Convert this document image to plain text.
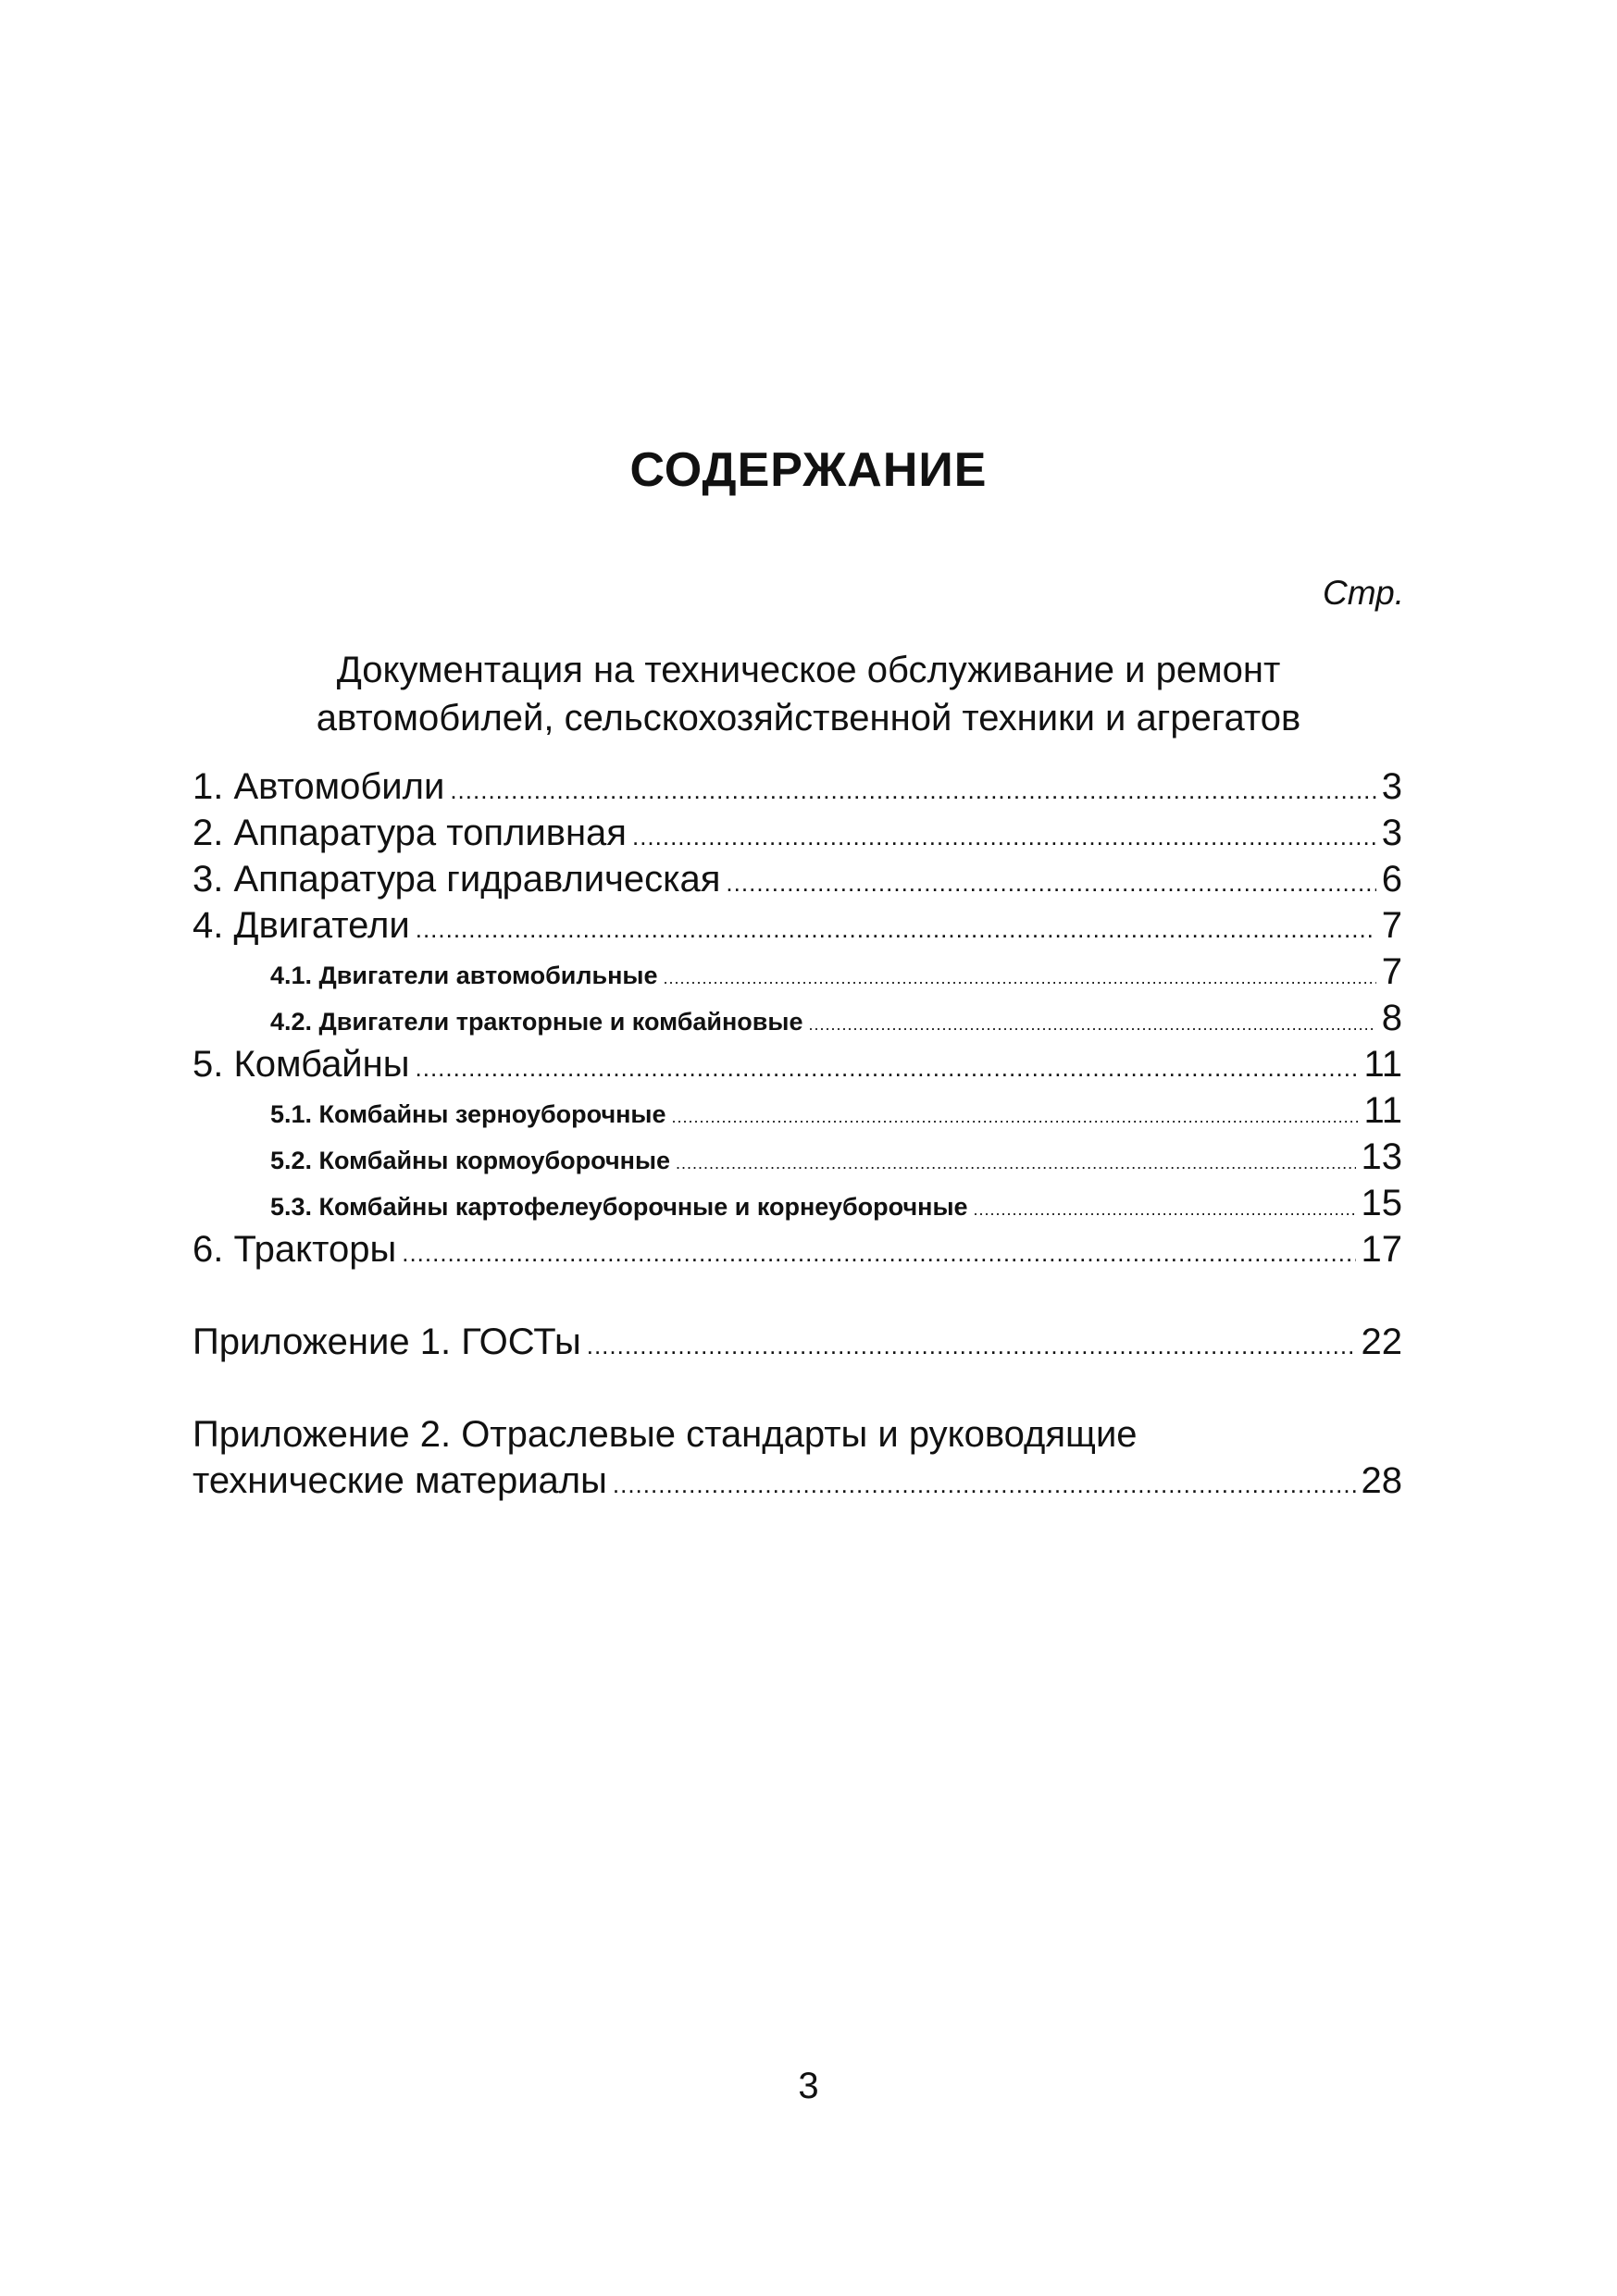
СОДЕРЖАНИЕ
Стр.
Документация на техническое обслуживание и ремонт
автомобилей, сельскохозяйственной техники и агрегатов
1. Автомобили .....	3
2. Аппаратура топливная .....	3
3. Аппаратура гидравлическая .....	6
4. Двигатели .....	7
4.1. Двигатели автомобильные .....	7
4.2. Двигатели тракторные и комбайновые .....	8
5. Комбайны .....	11
5.1. Комбайны зерноуборочные .....	11
5.2. Комбайны кормоуборочные .....	13
5.3. Комбайны картофелеуборочные и корнеуборочные .....	15
6. Тракторы .....	17
Приложение 1. ГОСТы .....	22
Приложение 2. Отраслевые стандарты и руководящие
технические материалы .....	28
3
